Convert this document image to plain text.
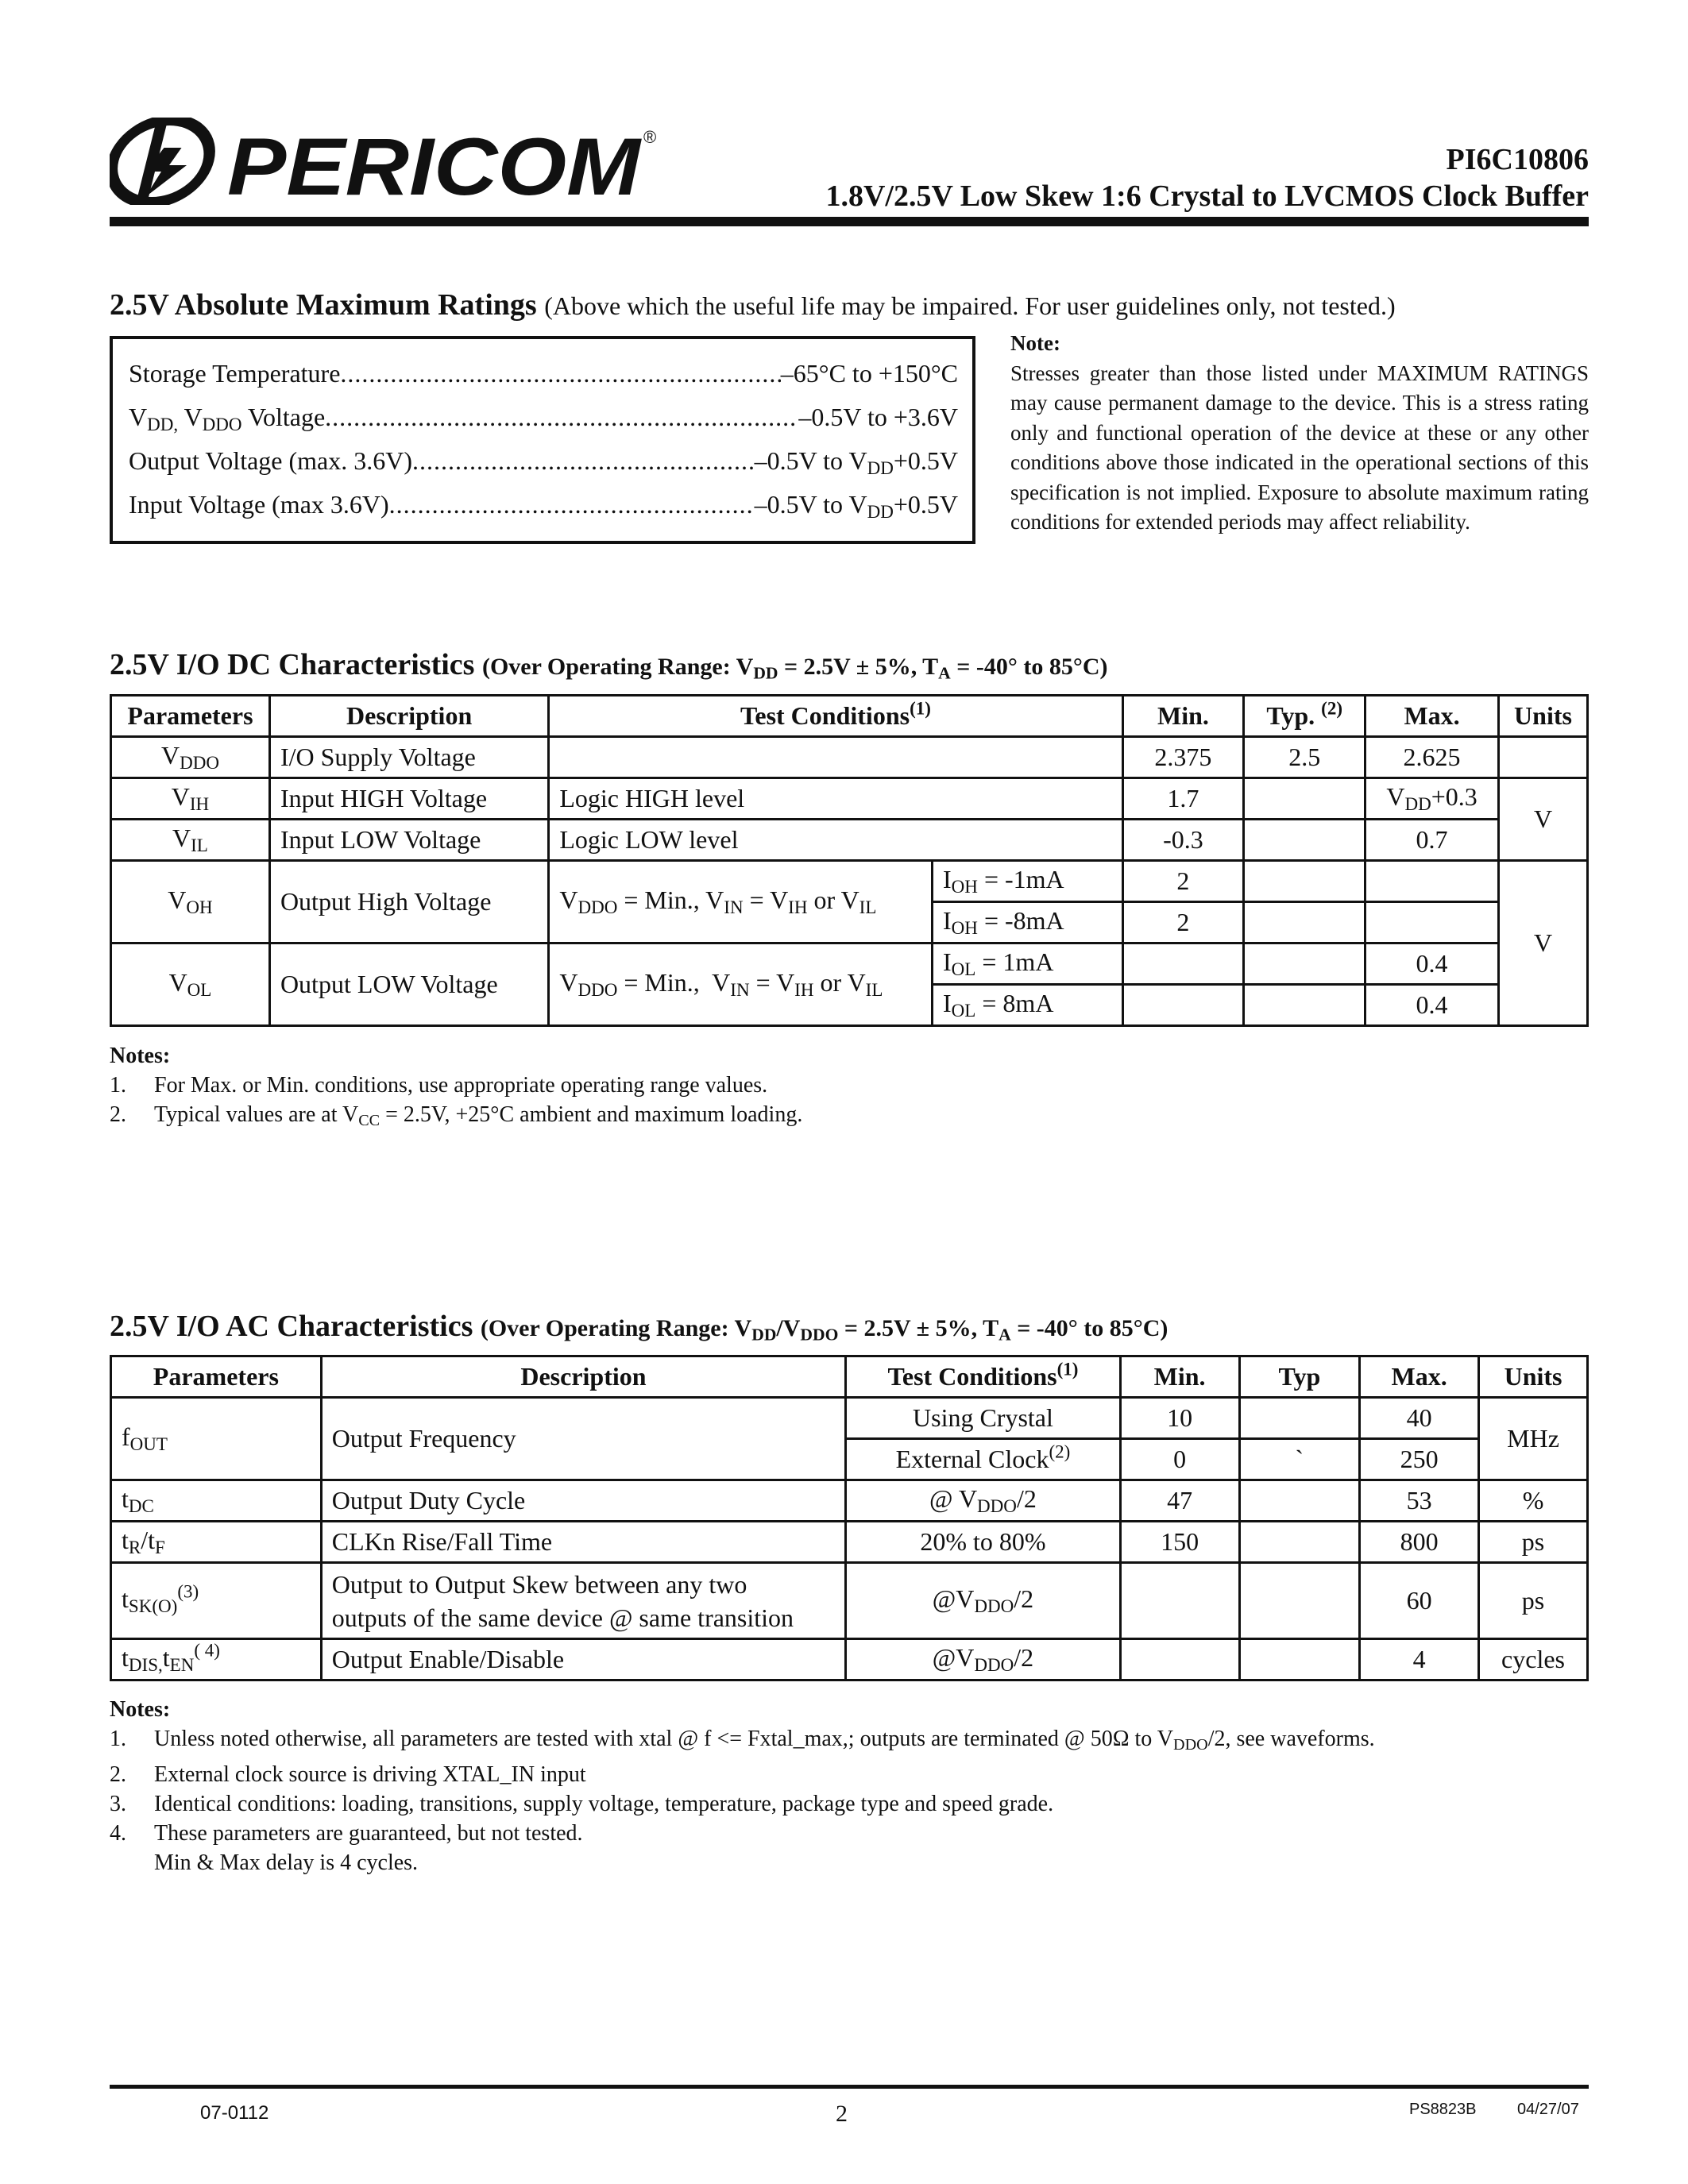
PERICOM ®
PI6C10806
1.8V/2.5V Low Skew 1:6 Crystal to LVCMOS Clock Buffer
2.5V Absolute Maximum Ratings (Above which the useful life may be impaired. For user guidelines only, not tested.)
Storage Temperature .....	–65°C to +150°C
$V_{DD,}$ $V_{DDO}$ Voltage .....	–0.5V to +3.6V
Output Voltage (max. 3.6V) .....	–0.5V to $V_{DD}+0.5V$
Input Voltage (max 3.6V) .....	–0.5V to $V_{DD}+0.5V$
Note:
Stresses greater than those listed under MAXIMUM RATINGS may cause permanent damage to the device. This is a stress rating only and functional operation of the device at these or any other conditions above those indicated in the operational sections of this specification is not implied. Exposure to absolute maximum rating conditions for extended periods may affect reliability.
2.5V I/O DC Characteristics (Over Operating Range: $V_{DD} = 2.5V \pm 5\%$, $T_A = -40^\circ$ to 85°C)
Parameters	Description	Test Conditions$^{(1)}$		Min.	Typ. $^{(2)}$	Max.	Units
$V_{DDO}$	I/O Supply Voltage			2.375	2.5	2.625	
$V_{IH}$	Input HIGH Voltage	Logic HIGH level		1.7		$V_{DD}+0.3$	V
$V_{IL}$	Input LOW Voltage	Logic LOW level		-0.3		0.7	
$V_{OH}$	Output High Voltage	$V_{DDO}$ = Min., $V_{IN} = V_{IH}$ or $V_{IL}$	$I_{OH} = -1mA$	2			V
			$I_{OH} = -8mA$	2			
$V_{OL}$	Output LOW Voltage	$V_{DDO}$ = Min.,  $V_{IN} = V_{IH}$ or $V_{IL}$	$I_{OL} = 1mA$			0.4	
			$I_{OL} = 8mA$			0.4	
Notes:
1.	For Max. or Min. conditions, use appropriate operating range values.
2.	Typical values are at $V_{CC} = 2.5V$, +25°C ambient and maximum loading.
2.5V I/O AC Characteristics (Over Operating Range: $V_{DD}/V_{DDO} = 2.5V \pm 5\%$, $T_A = -40^\circ$ to 85°C)
Parameters	Description	Test Conditions$^{(1)}$	Min.	Typ	Max.	Units
$f_{OUT}$	Output Frequency	Using Crystal	10		40	MHz
		External Clock$^{(2)}$	0	`	250	
$t_{DC}$	Output Duty Cycle	@ $V_{DDO}/2$	47		53	%
$t_R/t_F$	CLKn Rise/Fall Time	20% to 80%	150		800	ps
$t_{SK(O)}^{(3)}$	Output to Output Skew between any two
outputs of the same device @ same transition	$@V_{DDO}/2$			60	ps
$t_{DIS,}t_{EN}^{( 4)}$	Output Enable/Disable	$@V_{DDO}/2$			4	cycles
Notes:
1.	Unless noted otherwise, all parameters are tested with xtal @ f <= Fxtal_max,; outputs are terminated @ 50Ω to $V_{DDO}/2$, see waveforms.
2.	External clock source is driving XTAL_IN input
3.	Identical conditions: loading, transitions, supply voltage, temperature, package type and speed grade.
4.	These parameters are guaranteed, but not tested.
Min & Max delay is 4 cycles.
07-0112	2	PS8823B	04/27/07
